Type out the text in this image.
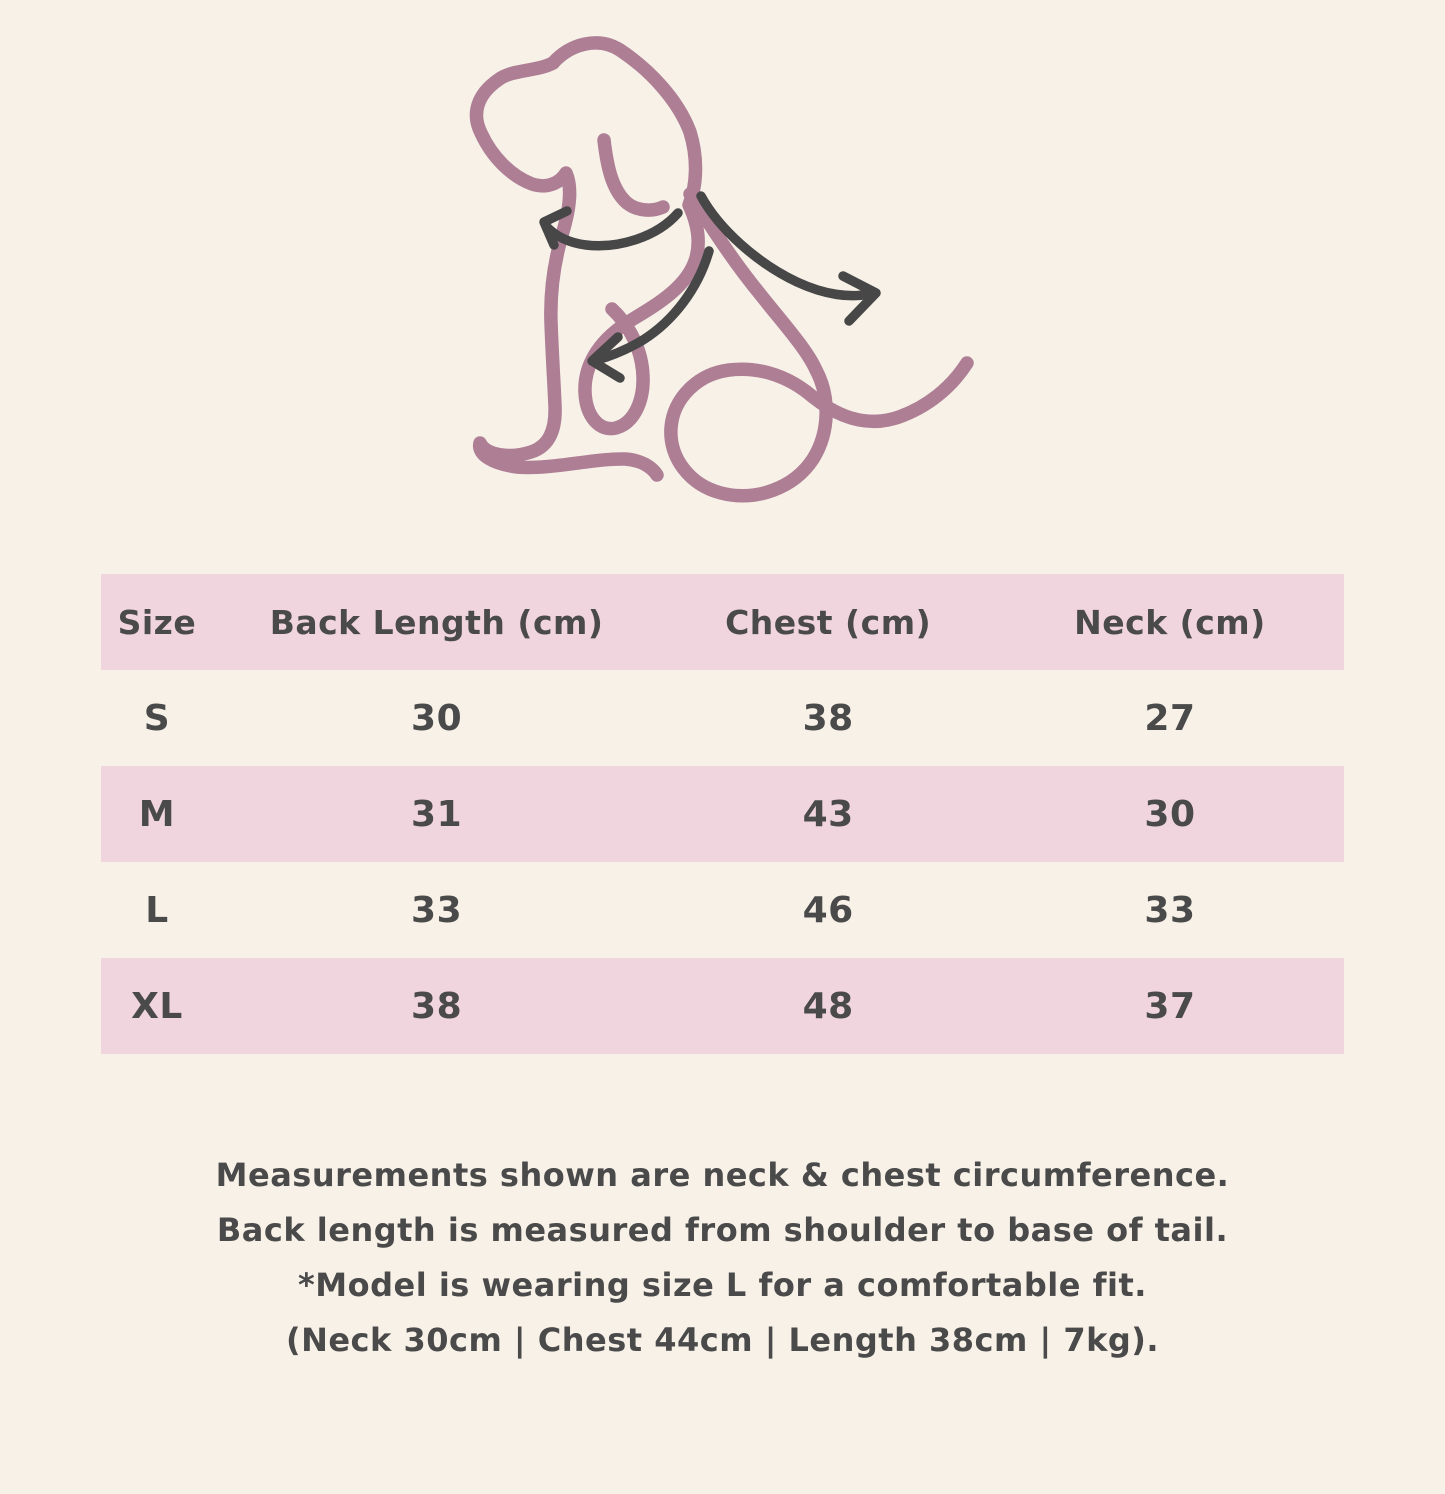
Size	Back Length (cm)	Chest (cm)	Neck (cm)
S	30	38	27
M	31	43	30
L	33	46	33
XL	38	48	37

Measurements shown are neck & chest circumference.

Back length is measured from shoulder to base of tail.

*Model is wearing size L for a comfortable fit.

(Neck 30cm | Chest 44cm | Length 38cm | 7kg).
